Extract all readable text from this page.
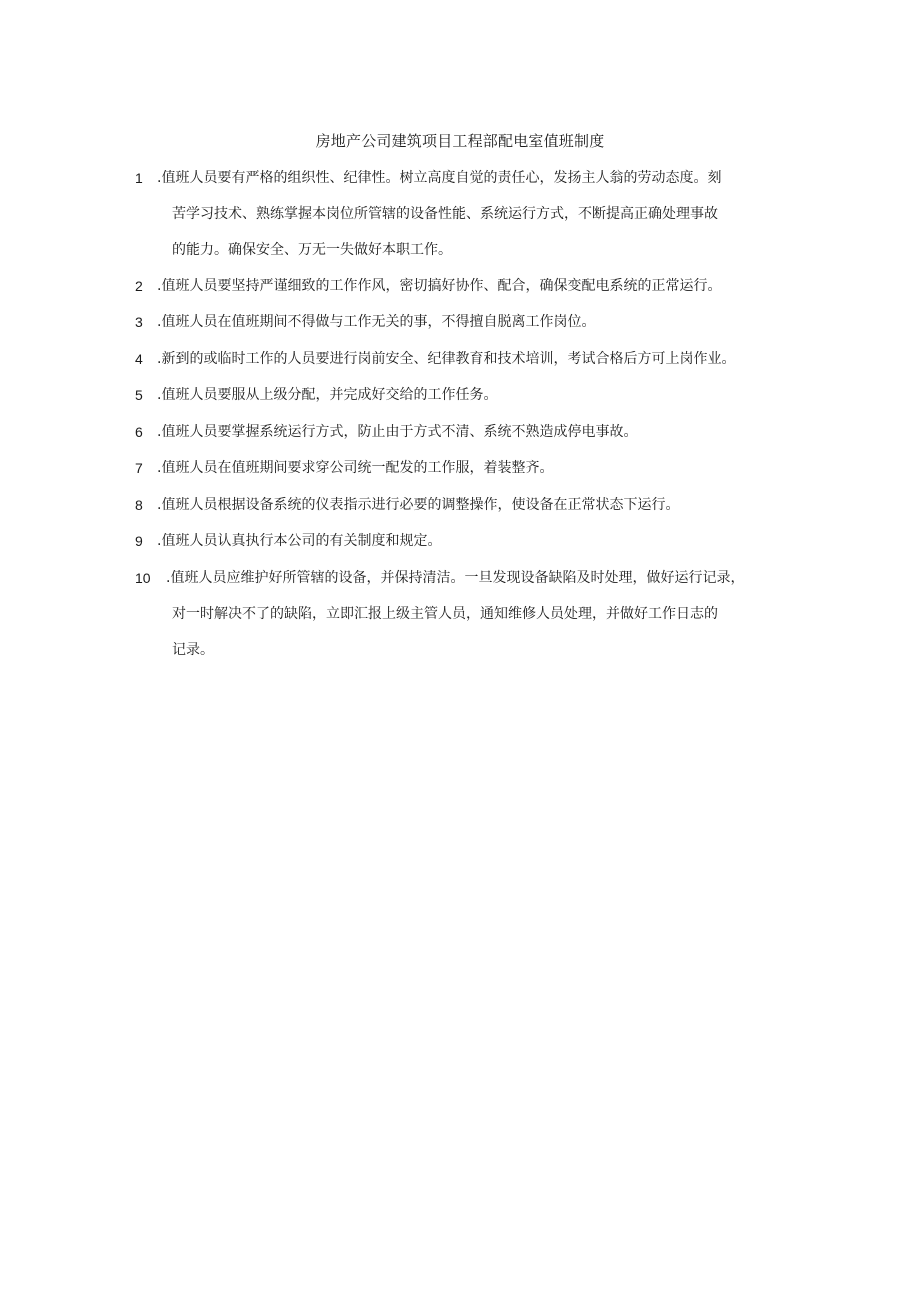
房地产公司建筑项目工程部配电室值班制度
1 .值班人员要有严格的组织性、纪律性。树立高度自觉的责任心，发扬主人翁的劳动态度。刻
苦学习技术、熟练掌握本岗位所管辖的设备性能、系统运行方式，不断提高正确处理事故
的能力。确保安全、万无一失做好本职工作。
2 .值班人员要坚持严谨细致的工作作风，密切搞好协作、配合，确保变配电系统的正常运行。
3 .值班人员在值班期间不得做与工作无关的事，不得擅自脱离工作岗位。
4 .新到的或临时工作的人员要进行岗前安全、纪律教育和技术培训，考试合格后方可上岗作业。
5 .值班人员要服从上级分配，并完成好交给的工作任务。
6 .值班人员要掌握系统运行方式，防止由于方式不清、系统不熟造成停电事故。
7 .值班人员在值班期间要求穿公司统一配发的工作服，着装整齐。
8 .值班人员根据设备系统的仪表指示进行必要的调整操作，使设备在正常状态下运行。
9 .值班人员认真执行本公司的有关制度和规定。
10 .值班人员应维护好所管辖的设备，并保持清洁。一旦发现设备缺陷及时处理，做好运行记录，
对一时解决不了的缺陷，立即汇报上级主管人员，通知维修人员处理，并做好工作日志的
记录。
